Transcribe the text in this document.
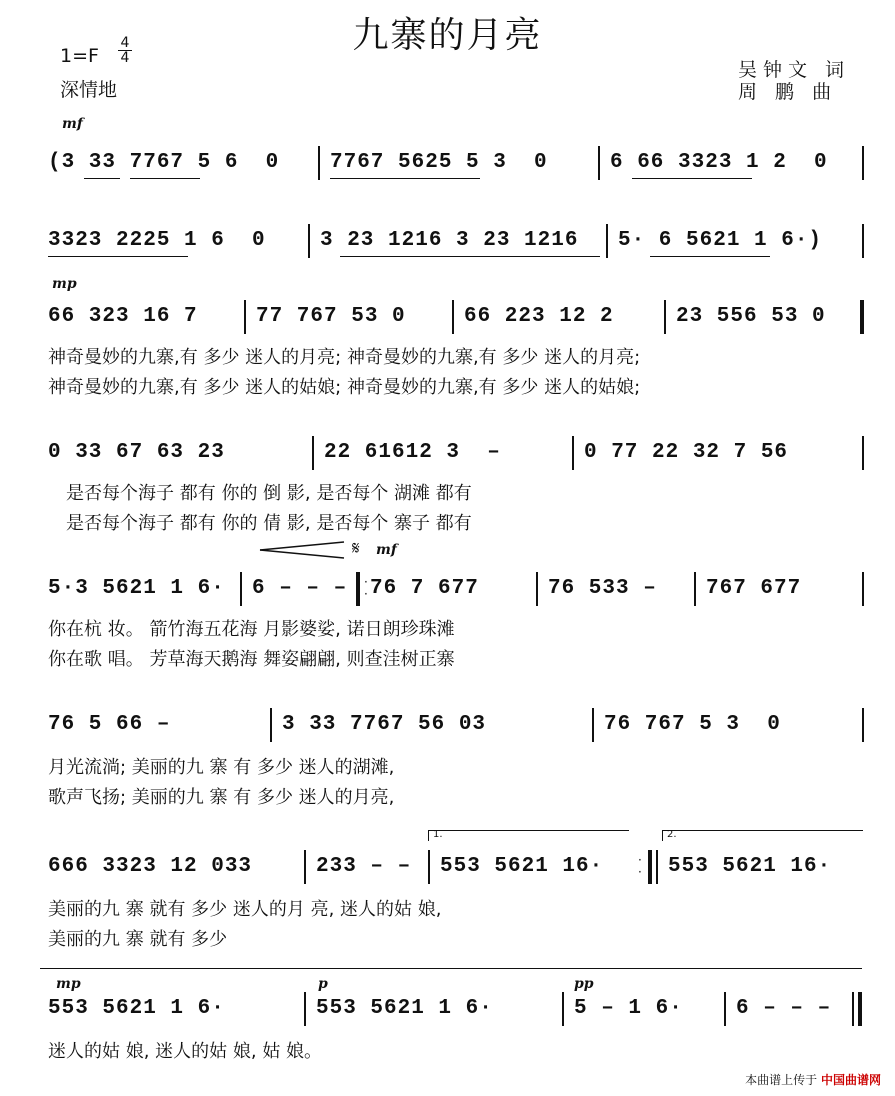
九寨的月亮
1=F
4
4
深情地
吴钟文 词
周 鹏 曲
mf
(3 33 7767 5 6  0 7767 5625 5 3  0	6 66 3323 1 2  0
3323 2225 1 6  0	3 23 1216 3 23 1216 5· 6 5621 1 6·)
mp
66 323 16 7	77 767 53 0	66 223 12 2	23 556 53 0
神奇曼妙的九寨,有 多少 迷人的月亮; 神奇曼妙的九寨,有 多少 迷人的月亮;
神奇曼妙的九寨,有 多少 迷人的姑娘; 神奇曼妙的九寨,有 多少 迷人的姑娘;
0 33 67 63 23	22 61612 3  –	0 77 22 32 7 56
是否每个海子 都有 你的 倒 影, 是否每个 湖滩 都有
是否每个海子 都有 你的 倩 影, 是否每个 寨子 都有
𝄋 mf
5·3 5621 1 6· 6 – – – 76 7 677	76 533 – 767 677
·
·
你在杭 妆。 箭竹海五花海 月影婆娑, 诺日朗珍珠滩
你在歌 唱。 芳草海天鹅海 舞姿翩翩, 则查洼树正寨
76 5 66 –	3 33 7767 56 03	76 767 5 3  0
月光流淌; 美丽的九 寨 有 多少 迷人的湖滩,
歌声飞扬; 美丽的九 寨 有 多少 迷人的月亮,
1.	2.
666 3323 12 033	233 – – 553 5621 16·	553 5621 16·
·
·
美丽的九 寨 就有 多少 迷人的月 亮, 迷人的姑 娘,
美丽的九 寨 就有 多少
mp	p	pp
553 5621 1 6·	553 5621 1 6·	5 – 1 6·	6 – – –
迷人的姑 娘, 迷人的姑 娘, 姑 娘。
本曲谱上传于 中国曲谱网
